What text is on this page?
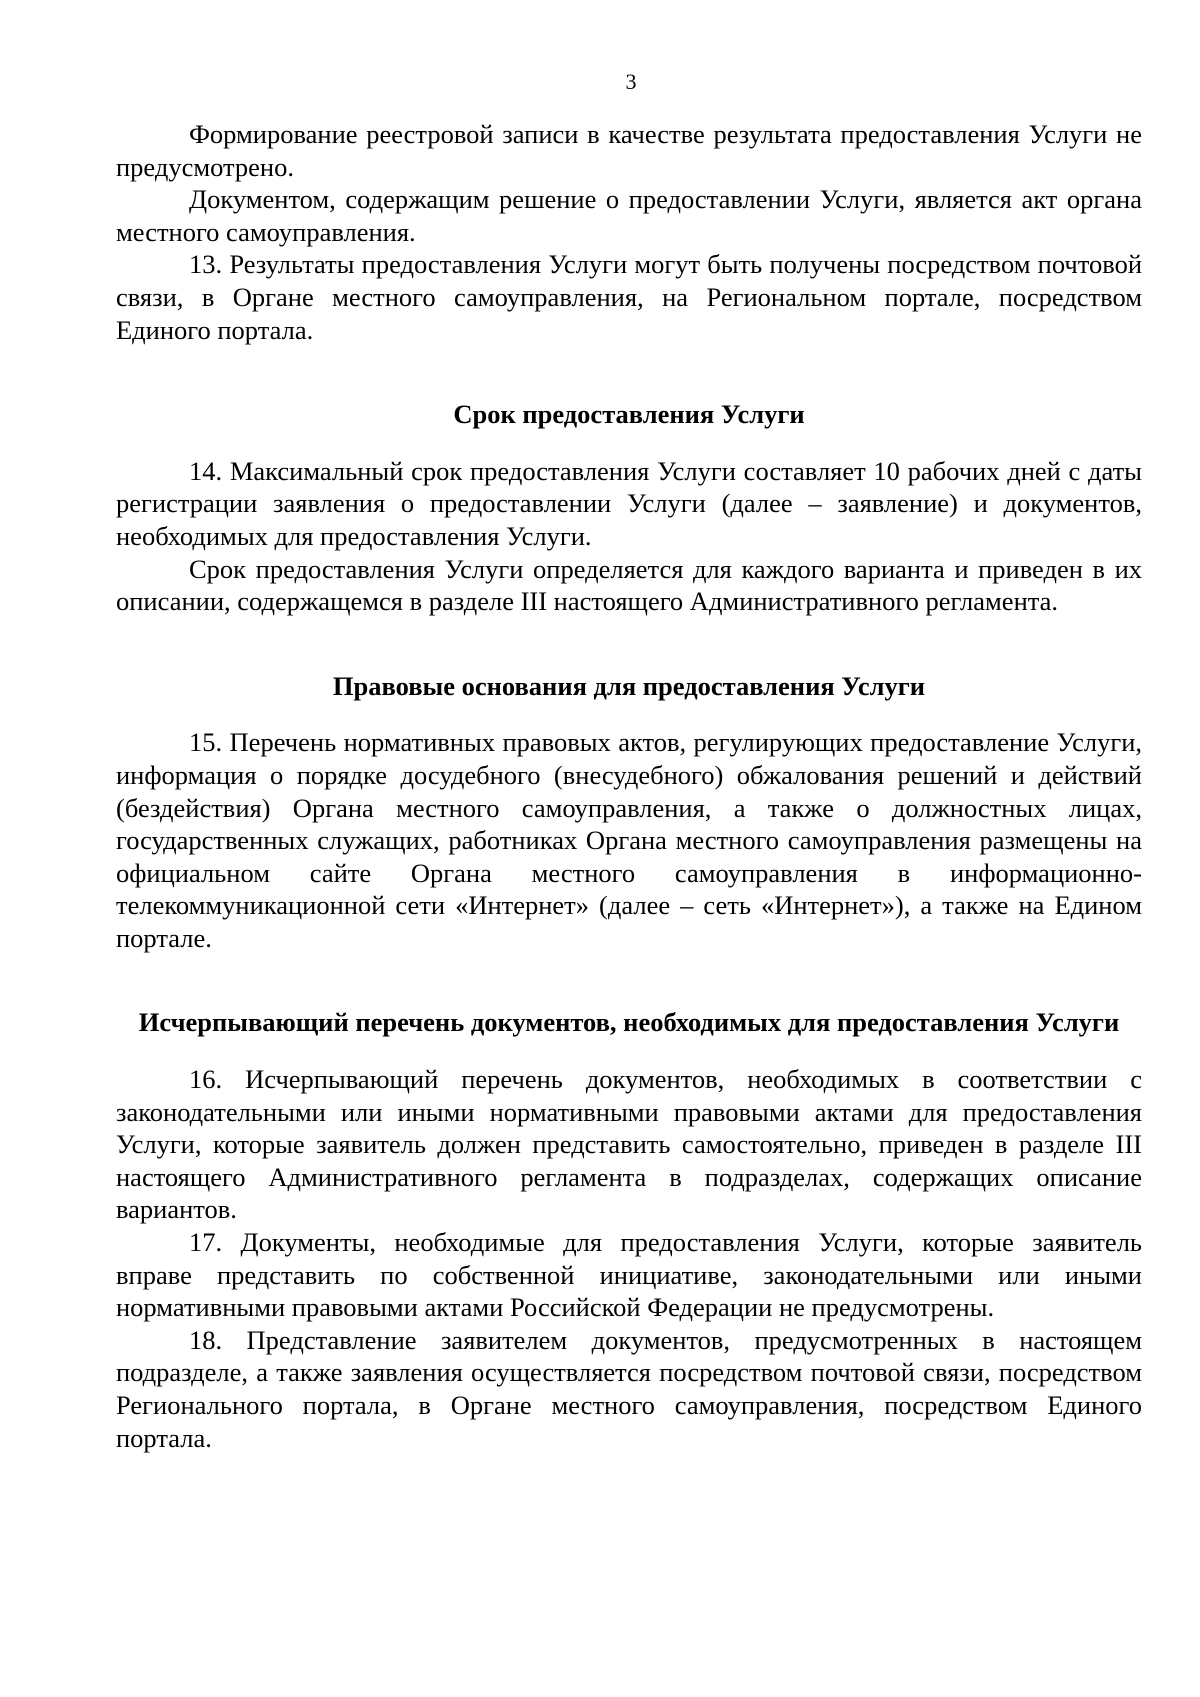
3

Формирование реестровой записи в качестве результата предоставления Услуги не предусмотрено.

Документом, содержащим решение о предоставлении Услуги, является акт органа местного самоуправления.

13. Результаты предоставления Услуги могут быть получены посредством почтовой связи, в Органе местного самоуправления, на Региональном портале, посредством Единого портала.

Срок предоставления Услуги

14. Максимальный срок предоставления Услуги составляет 10 рабочих дней с даты регистрации заявления о предоставлении Услуги (далее – заявление) и документов, необходимых для предоставления Услуги.

Срок предоставления Услуги определяется для каждого варианта и приведен в их описании, содержащемся в разделе III настоящего Административного регламента.

Правовые основания для предоставления Услуги

15. Перечень нормативных правовых актов, регулирующих предоставление Услуги, информация о порядке досудебного (внесудебного) обжалования решений и действий (бездействия) Органа местного самоуправления, а также о должностных лицах, государственных служащих, работниках Органа местного самоуправления размещены на официальном сайте Органа местного самоуправления в информационно-телекоммуникационной сети «Интернет» (далее – сеть «Интернет»), а также на Едином портале.

Исчерпывающий перечень документов, необходимых для предоставления Услуги

16. Исчерпывающий перечень документов, необходимых в соответствии с законодательными или иными нормативными правовыми актами для предоставления Услуги, которые заявитель должен представить самостоятельно, приведен в разделе III настоящего Административного регламента в подразделах, содержащих описание вариантов.

17. Документы, необходимые для предоставления Услуги, которые заявитель вправе представить по собственной инициативе, законодательными или иными нормативными правовыми актами Российской Федерации не предусмотрены.

18. Представление заявителем документов, предусмотренных в настоящем подразделе, а также заявления осуществляется посредством почтовой связи, посредством Регионального портала, в Органе местного самоуправления, посредством Единого портала.
